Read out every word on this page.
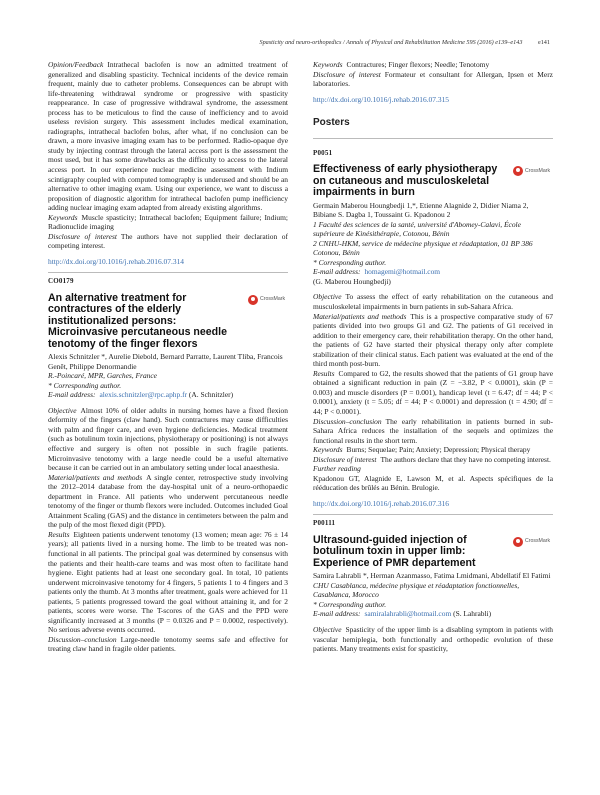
Spasticity and neuro-orthopedics / Annals of Physical and Rehabilitation Medicine 59S (2016) e139–e143	e141

Opinion/Feedback Intrathecal baclofen is now an admitted treatment of generalized and disabling spasticity. Technical incidents of the device remain frequent, mainly due to catheter problems. Consequences can be abrupt with life-threatening withdrawal syndrome or progressive with spasticity reappearance. In case of progressive withdrawal syndrome, the assessment process has to be meticulous to find the cause of inefficiency and to avoid useless revision surgery. This assessment includes medical examination, radiographs, intrathecal baclofen bolus, after what, if no conclusion can be drawn, a more invasive imaging exam has to be performed. Radio-opaque dye study by injecting contrast through the lateral access port is the assessment the most used, but it has some drawbacks as the difficulty to access to the lateral access port. In our experience nuclear medicine assessment with Indium scintigraphy coupled with computed tomography is underused and should be an alternative to other imaging exam. Using our experience, we want to discuss a proposition of diagnostic algorithm for intrathecal baclofen pump inefficiency adding nuclear imaging exam adapted from already existing algorithms.

Keywords Muscle spasticity; Intrathecal baclofen; Equipment failure; Indium; Radionuclide imaging

Disclosure of interest The authors have not supplied their declaration of competing interest.

http://dx.doi.org/10.1016/j.rehab.2016.07.314

CO0179
An alternative treatment for contractures of the elderly institutionalized persons: Microinvasive percutaneous needle tenotomy of the finger flexors
CrossMark

Alexis Schnitzler *, Aurelie Diebold, Bernard Parratte, Laurent Tliba, Francois Genêt, Philippe Denormandie

R.-Poincaré, MPR, Garches, France

* Corresponding author.

E-mail address: alexis.schnitzler@rpc.aphp.fr (A. Schnitzler)

Objective Almost 10% of older adults in nursing homes have a fixed flexion deformity of the fingers (claw hand). Such contractures may cause difficulties with palm and finger care, and even hygiene deficiencies. Medical treatment (such as botulinum toxin injections, physiotherapy or positioning) is not always effective and surgery is often not possible in such fragile patients. Microinvasive tenotomy with a large needle could be a useful alternative because it can be carried out in an ambulatory setting under local anaesthesia.

Material/patients and methods A single center, retrospective study involving the 2012–2014 database from the day-hospital unit of a neuro-orthopaedic department in France. All patients who underwent percutaneous needle tenotomy of the finger or thumb flexors were included. Outcomes included Goal Attainment Scaling (GAS) and the distance in centimeters between the palm and the pulp of the most flexed digit (PPD).

Results Eighteen patients underwent tenotomy (13 women; mean age: 76 ± 14 years); all patients lived in a nursing home. The limb to be treated was non-functional in all patients. The principal goal was determined by consensus with the patients and their health-care teams and was most often to facilitate hand hygiene. Eight patients had at least one secondary goal. In total, 10 patients underwent microinvasive tenotomy for 4 fingers, 5 patients 1 to 4 fingers and 3 patients only the thumb. At 3 months after treatment, goals were achieved for 11 patients, 5 patients progressed toward the goal without attaining it, and for 2 patients, scores were worse. The T-scores of the GAS and the PPD were significantly increased at 3 months (P = 0.0326 and P = 0.0002, respectively). No serious adverse events occurred.

Discussion–conclusion Large-needle tenotomy seems safe and effective for treating claw hand in fragile older patients.

Keywords Contractures; Finger flexors; Needle; Tenotomy

Disclosure of interest Formateur et consultant for Allergan, Ipsen et Merz laboratories.

http://dx.doi.org/10.1016/j.rehab.2016.07.315

Posters
P0051
Effectiveness of early physiotherapy on cutaneous and musculoskeletal impairments in burn
CrossMark

Germain Maberou Houngbedji 1,*, Etienne Alagnide 2, Didier Niama 2, Bibiane S. Dagba 1, Toussaint G. Kpadonou 2

1 Faculté des sciences de la santé, université d'Abomey-Calavi, École supérieure de Kinésithérapie, Cotonou, Bénin

2 CNHU-HKM, service de médecine physique et réadaptation, 01 BP 386 Cotonou, Bénin

* Corresponding author.

E-mail address: homagemi@hotmail.com

(G. Maberou Houngbedji)

Objective To assess the effect of early rehabilitation on the cutaneous and musculoskeletal impairments in burn patients in sub-Sahara Africa.

Material/patients and methods This is a prospective comparative study of 67 patients divided into two groups G1 and G2. The patients of G1 received in addition to their emergency care, their rehabilitation therapy. On the other hand, the patients of G2 have started their physical therapy only after complete stabilization of their clinical status. Each patient was evaluated at the end of the third month post-burn.

Results Compared to G2, the results showed that the patients of G1 group have obtained a significant reduction in pain (Z = −3.82, P < 0.0001), skin (P = 0.003) and muscle disorders (P = 0.001), handicap level (t = 6.47; df = 44; P < 0.0001), anxiety (t = 5.05; df = 44; P < 0.0001) and depression (t = 4.90; df = 44; P < 0.0001).

Discussion–conclusion The early rehabilitation in patients burned in sub-Sahara Africa reduces the installation of the sequels and optimizes the functional results in the short term.

Keywords Burns; Sequelae; Pain; Anxiety; Depression; Physical therapy

Disclosure of interest The authors declare that they have no competing interest.

Further reading

Kpadonou GT, Alagnide E, Lawson M, et al. Aspects spécifiques de la rééducation des brûlés au Bénin. Brulogie.

http://dx.doi.org/10.1016/j.rehab.2016.07.316

P00111
Ultrasound-guided injection of botulinum toxin in upper limb: Experience of PMR departement
CrossMark

Samira Lahrabli *, Herman Azanmasso, Fatima Lmidmani, Abdellatif El Fatimi

CHU Casablanca, médecine physique et réadaptation fonctionnelles, Casablanca, Morocco

* Corresponding author.

E-mail address: samiralahrabli@hotmail.com (S. Lahrabli)

Objective Spasticity of the upper limb is a disabling symptom in patients with vascular hemiplegia, both functionally and orthopedic evolution of these patients. Many treatments exist for spasticity,
